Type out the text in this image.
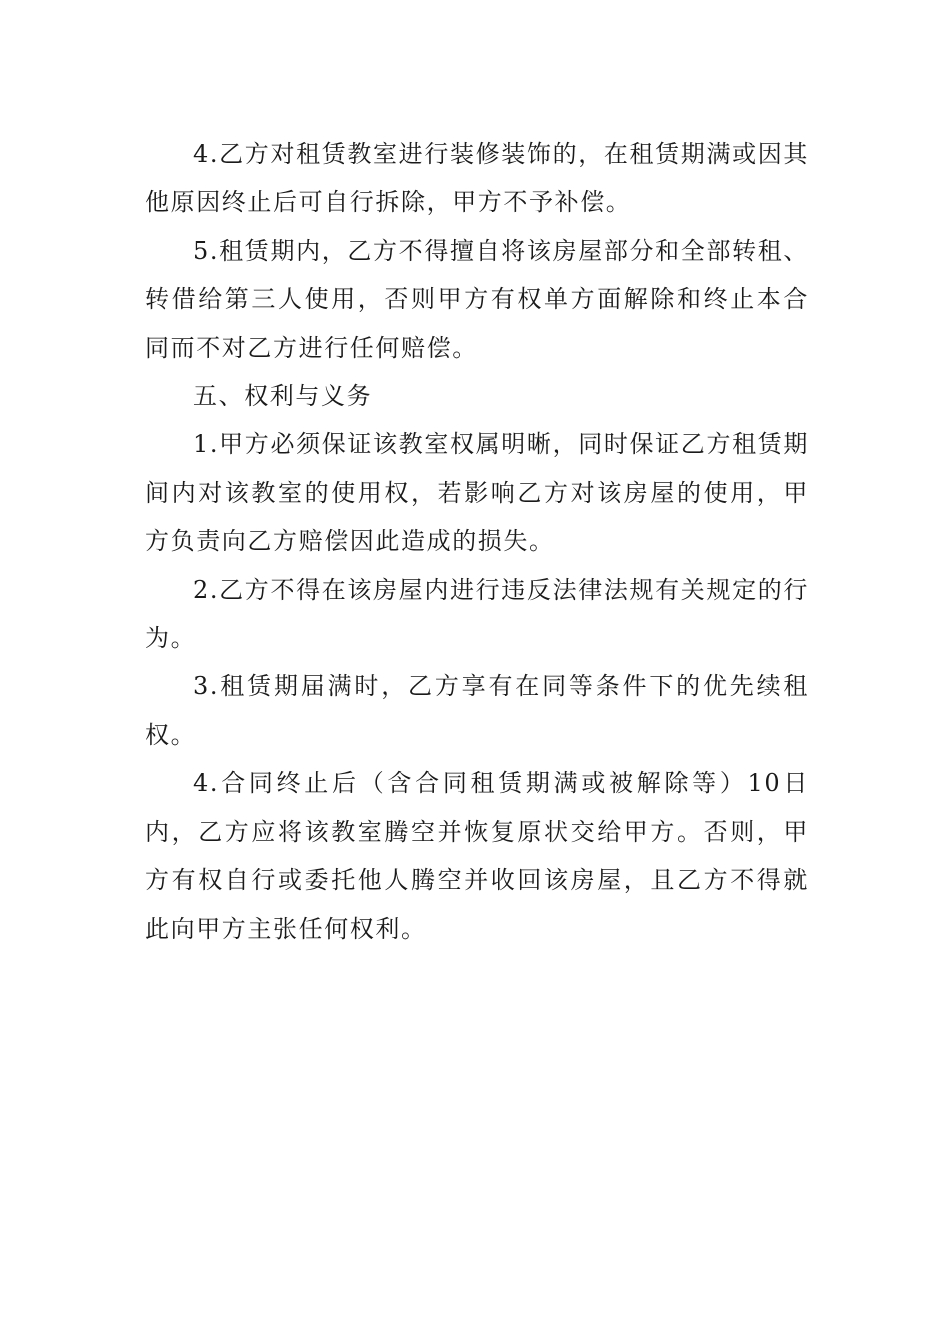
4.乙方对租赁教室进行装修装饰的，在租赁期满或因其他原因终止后可自行拆除，甲方不予补偿。

5.租赁期内，乙方不得擅自将该房屋部分和全部转租、转借给第三人使用，否则甲方有权单方面解除和终止本合同而不对乙方进行任何赔偿。

五、权利与义务

1.甲方必须保证该教室权属明晰，同时保证乙方租赁期间内对该教室的使用权，若影响乙方对该房屋的使用，甲方负责向乙方赔偿因此造成的损失。

2.乙方不得在该房屋内进行违反法律法规有关规定的行为。

3.租赁期届满时，乙方享有在同等条件下的优先续租权。

4.合同终止后（含合同租赁期满或被解除等）10日内，乙方应将该教室腾空并恢复原状交给甲方。否则，甲方有权自行或委托他人腾空并收回该房屋，且乙方不得就此向甲方主张任何权利。
